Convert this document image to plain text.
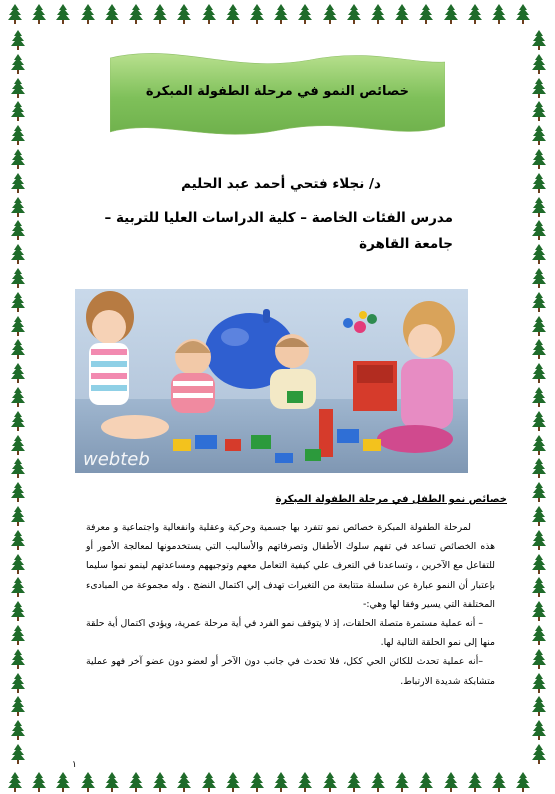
خصائص النمو في مرحلة الطفولة المبكرة
د/ نجلاء فتحي أحمد عبد الحليم
مدرس الفئات الخاصة – كلية الدراسات العليا للتربية – جامعة القاهرة
webteb
خصائص نمو الطفل في مرحلة الطفولة المبكرة

لمرحلة الطفولة المبكرة خصائص نمو تتفرد بها جسمية وحركية وعقلية وانفعالية واجتماعية و معرفة هذه الخصائص تساعد في تفهم سلوك الأطفال وتصرفاتهم والأساليب التي يستخدمونها لمعالجة الأمور أو للتفاعل مع الآخرين ، وتساعدنا في التعرف علي كيفية التعامل معهم وتوجيههم ومساعدتهم لينمو نموا سليما بإعتبار أن النمو عبارة عن سلسلة متتابعة من التغيرات تهدف إلي اكتمال النضج . وله مجموعة من المبادىء المختلفة التي يسير وفقا لها وهي:-

– أنه عملية مستمرة متصلة الحلقات، إذ لا يتوقف نمو الفرد في أية مرحلة عمرية، ويؤدي اكتمال أية حلقة منها إلى نمو الحلقة التالية لها.

–أنه عملية تحدث للكائن الحي ككل، فلا تحدث في جانب دون الآخر أو لعضو دون عضو آخر فهو عملية متشابكة شديدة الارتباط.

١
